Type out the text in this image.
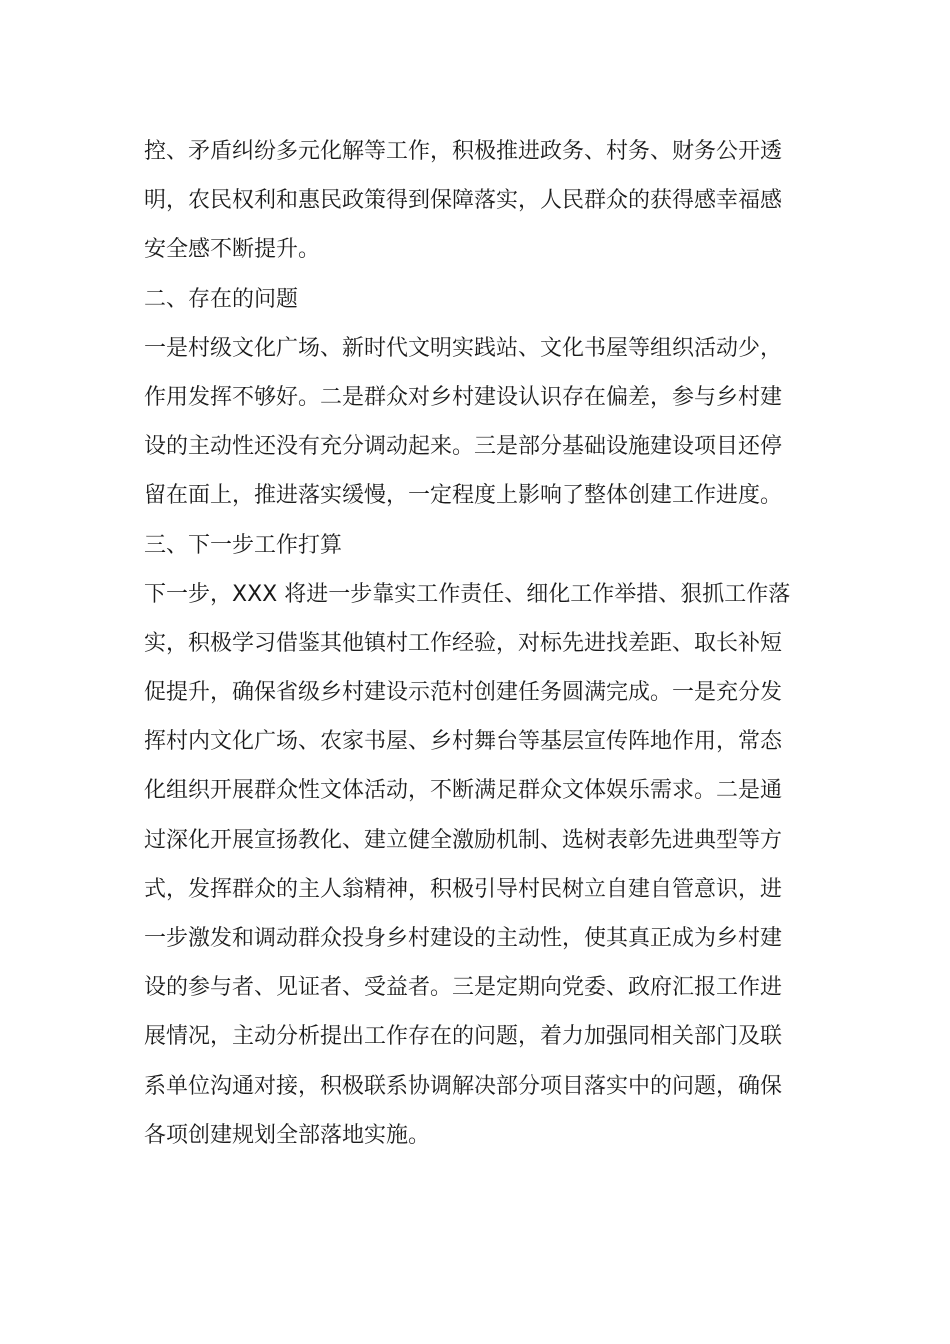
控、矛盾纠纷多元化解等工作，积极推进政务、村务、财务公开透
明，农民权利和惠民政策得到保障落实，人民群众的获得感幸福感
安全感不断提升。
二、存在的问题
一是村级文化广场、新时代文明实践站、文化书屋等组织活动少，
作用发挥不够好。二是群众对乡村建设认识存在偏差，参与乡村建
设的主动性还没有充分调动起来。三是部分基础设施建设项目还停
留在面上，推进落实缓慢，一定程度上影响了整体创建工作进度。
三、下一步工作打算
下一步，XXX 将进一步靠实工作责任、细化工作举措、狠抓工作落
实，积极学习借鉴其他镇村工作经验，对标先进找差距、取长补短
促提升，确保省级乡村建设示范村创建任务圆满完成。一是充分发
挥村内文化广场、农家书屋、乡村舞台等基层宣传阵地作用，常态
化组织开展群众性文体活动，不断满足群众文体娱乐需求。二是通
过深化开展宣扬教化、建立健全激励机制、选树表彰先进典型等方
式，发挥群众的主人翁精神，积极引导村民树立自建自管意识，进
一步激发和调动群众投身乡村建设的主动性，使其真正成为乡村建
设的参与者、见证者、受益者。三是定期向党委、政府汇报工作进
展情况，主动分析提出工作存在的问题，着力加强同相关部门及联
系单位沟通对接，积极联系协调解决部分项目落实中的问题，确保
各项创建规划全部落地实施。
